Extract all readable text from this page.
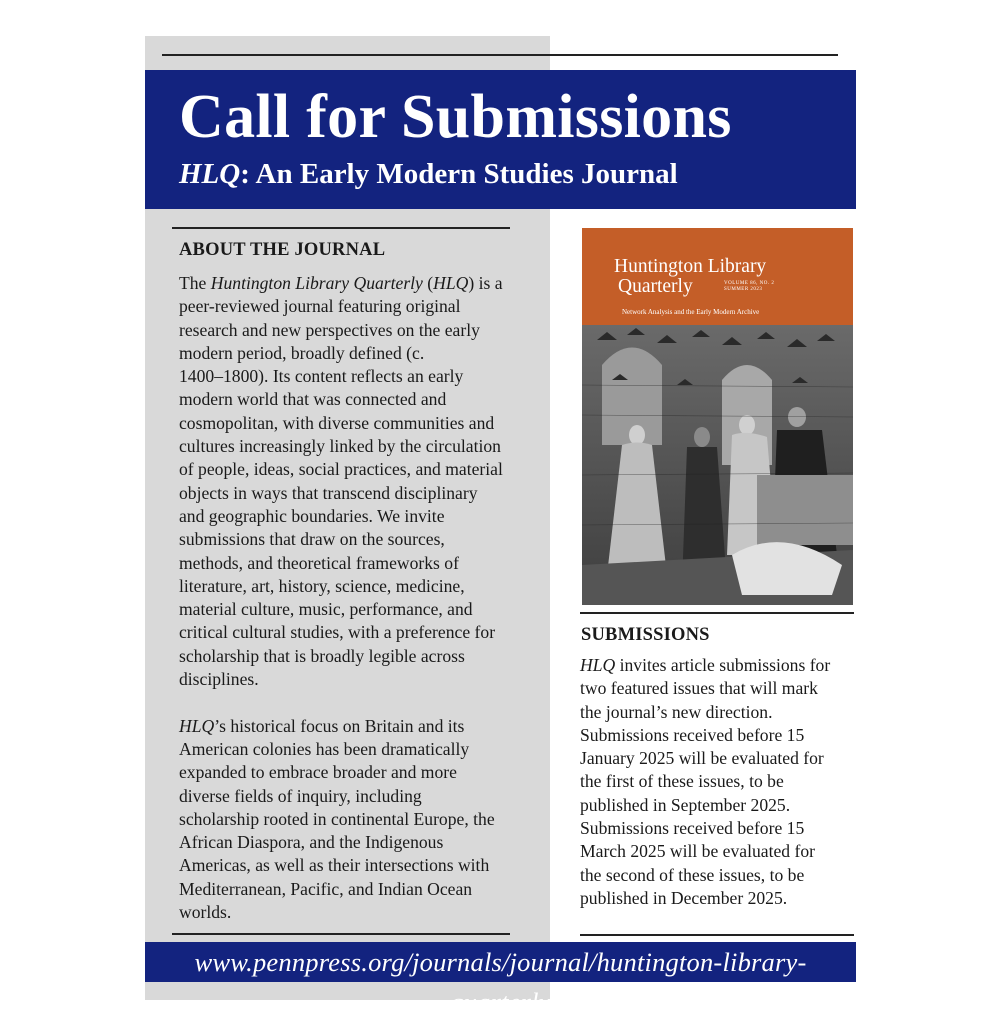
Call for Submissions
HLQ: An Early Modern Studies Journal
ABOUT THE JOURNAL

The Huntington Library Quarterly (HLQ) is a
peer-reviewed journal featuring original
research and new perspectives on the early
modern period, broadly defined (c.
1400–1800). Its content reflects an early
modern world that was connected and
cosmopolitan, with diverse communities and
cultures increasingly linked by the circulation
of people, ideas, social practices, and material
objects in ways that transcend disciplinary
and geographic boundaries. We invite
submissions that draw on the sources,
methods, and theoretical frameworks of
literature, art, history, science, medicine,
material culture, music, performance, and
critical cultural studies, with a preference for
scholarship that is broadly legible across
disciplines.

HLQ’s historical focus on Britain and its
American colonies has been dramatically
expanded to embrace broader and more
diverse fields of inquiry, including
scholarship rooted in continental Europe, the
African Diaspora, and the Indigenous
Americas, as well as their intersections with
Mediterranean, Pacific, and Indian Ocean
worlds.

Huntington Library
Quarterly	VOLUME 86, NO. 2
SUMMER 2023
Network Analysis and the Early Modern Archive
SUBMISSIONS

HLQ invites article submissions for
two featured issues that will mark
the journal’s new direction.
Submissions received before 15
January 2025 will be evaluated for
the first of these issues, to be
published in September 2025.
Submissions received before 15
March 2025 will be evaluated for
the second of these issues, to be
published in December 2025.

www.pennpress.org/journals/journal/huntington-library-quarterly
